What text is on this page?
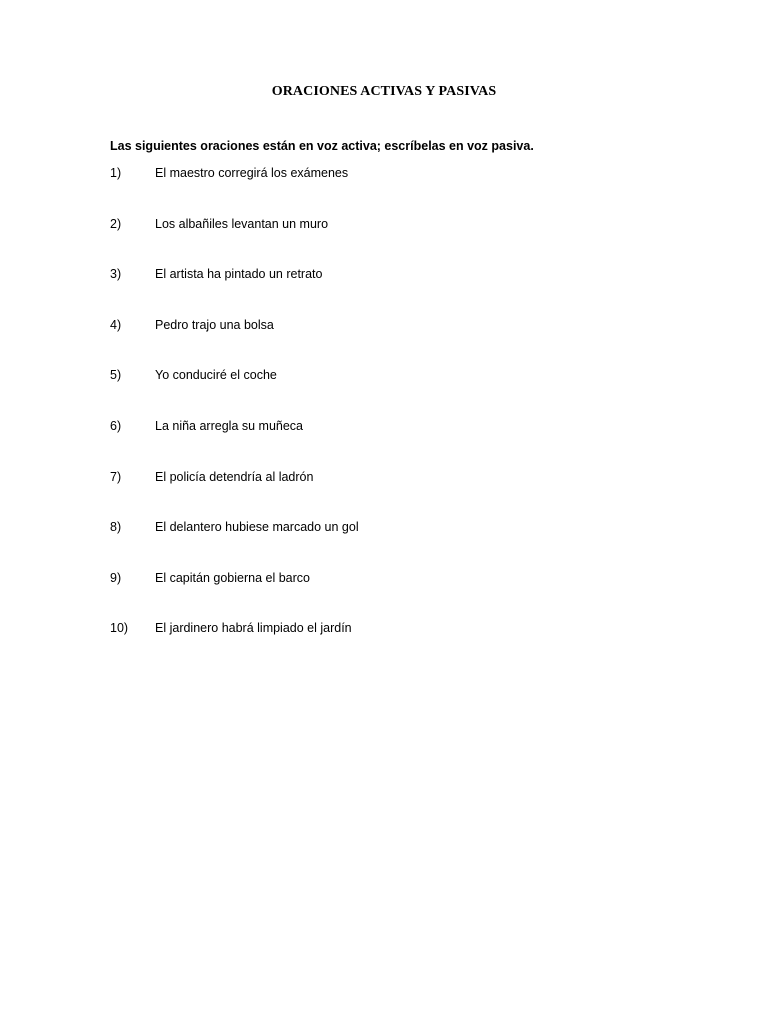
ORACIONES ACTIVAS Y PASIVAS
Las siguientes oraciones están en voz activa; escríbelas en voz pasiva.
1)	El maestro corregirá los exámenes
2)	Los albañiles levantan un muro
3)	El artista ha pintado un retrato
4)	Pedro trajo una bolsa
5)	Yo conduciré el coche
6)	La niña arregla su muñeca
7)	El policía detendría al ladrón
8)	El delantero hubiese marcado un gol
9)	El capitán gobierna el barco
10) El jardinero habrá limpiado el jardín
